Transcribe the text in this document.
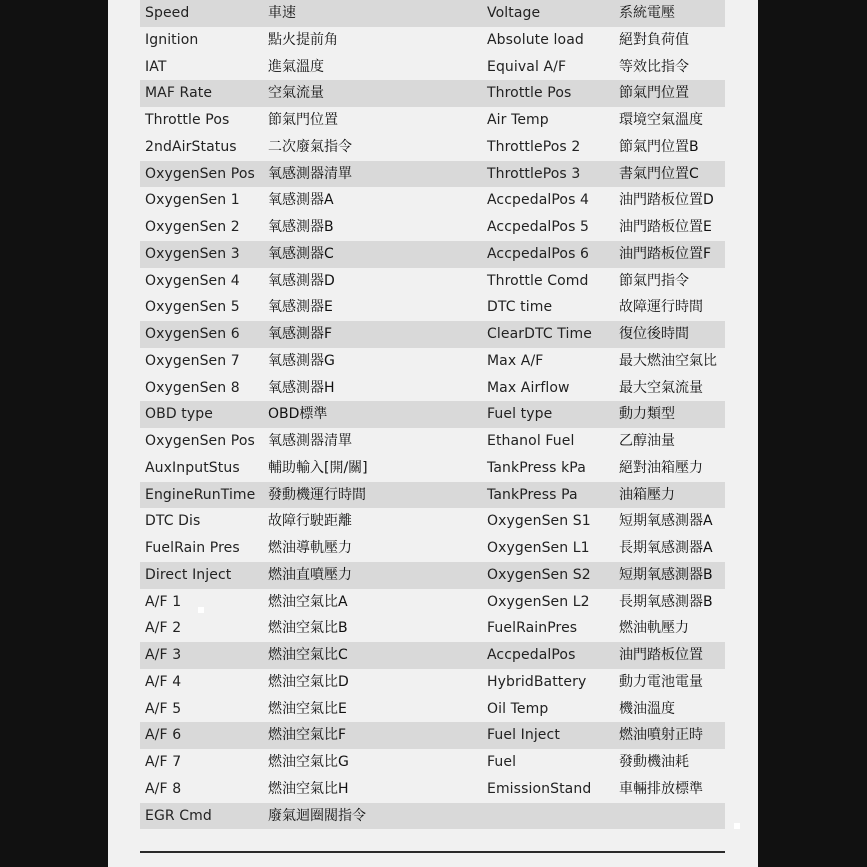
Speed	車速	Voltage	系統電壓
Ignition	點火提前角	Absolute load	絕對負荷值
IAT	進氣溫度	Equival A/F	等效比指令
MAF Rate	空氣流量	Throttle Pos	節氣門位置
Throttle Pos	節氣門位置	Air Temp	環境空氣溫度
2ndAirStatus 二次廢氣指令	ThrottlePos 2	節氣門位置B
OxygenSen Pos 氧感測器清單	ThrottlePos 3	書氣門位置C
OxygenSen 1 氧感測器A	AccpedalPos 4 油門踏板位置D
OxygenSen 2 氧感測器B	AccpedalPos 5 油門踏板位置E
OxygenSen 3 氧感測器C	AccpedalPos 6 油門踏板位置F
OxygenSen 4 氧感測器D	Throttle Comd 節氣門指令
OxygenSen 5 氧感測器E	DTC time	故障運行時間
OxygenSen 6 氧感測器F	ClearDTC Time 復位後時間
OxygenSen 7 氧感測器G	Max A/F	最大燃油空氣比
OxygenSen 8 氧感測器H	Max Airflow	最大空氣流量
OBD type	OBD標準	Fuel type	動力類型
OxygenSen Pos 氧感測器清單	Ethanol Fuel	乙醇油量
AuxInputStus 輔助輸入[開/關]	TankPress kPa 絕對油箱壓力
EngineRunTime 發動機運行時間	TankPress Pa	油箱壓力
DTC Dis	故障行駛距離	OxygenSen S1 短期氧感測器A
FuelRain Pres 燃油導軌壓力	OxygenSen L1 長期氧感測器A
Direct Inject	燃油直噴壓力	OxygenSen S2 短期氧感測器B
A/F 1	燃油空氣比A	OxygenSen L2 長期氧感測器B
A/F 2	燃油空氣比B	FuelRainPres	燃油軌壓力
A/F 3	燃油空氣比C	AccpedalPos	油門踏板位置
A/F 4	燃油空氣比D	HybridBattery 動力電池電量
A/F 5	燃油空氣比E	Oil Temp	機油溫度
A/F 6	燃油空氣比F	Fuel Inject	燃油噴射正時
A/F 7	燃油空氣比G	Fuel	發動機油耗
A/F 8	燃油空氣比H	EmissionStand 車輛排放標準
EGR Cmd	廢氣迴圈閥指令
